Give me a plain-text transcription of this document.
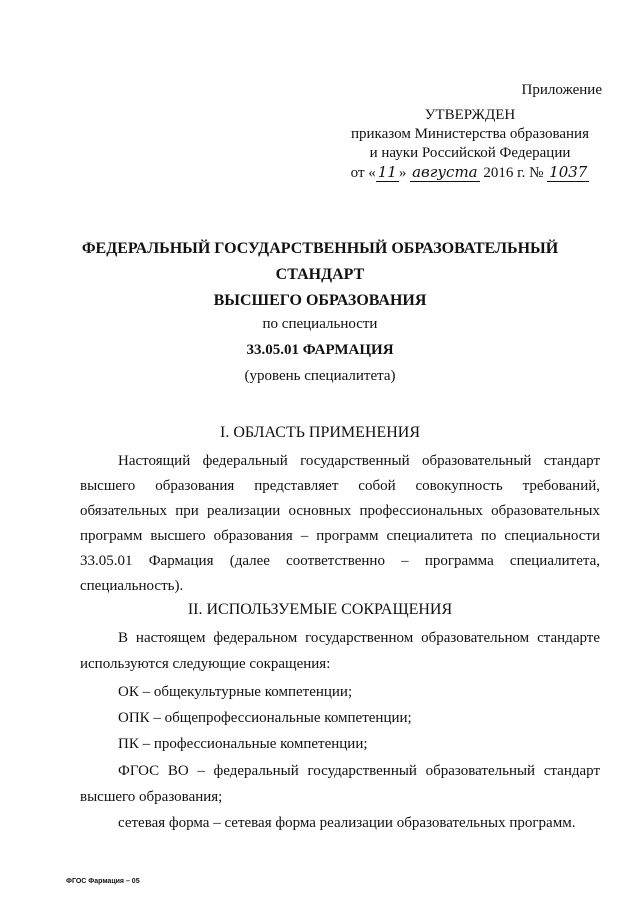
Приложение
УТВЕРЖДЕН
приказом Министерства образования
и науки Российской Федерации
от « 11 » августа 2016 г. № 1037
ФЕДЕРАЛЬНЫЙ ГОСУДАРСТВЕННЫЙ ОБРАЗОВАТЕЛЬНЫЙ СТАНДАРТ
ВЫСШЕГО ОБРАЗОВАНИЯ
по специальности
33.05.01 ФАРМАЦИЯ
(уровень специалитета)
I. ОБЛАСТЬ ПРИМЕНЕНИЯ
Настоящий федеральный государственный образовательный стандарт высшего образования представляет собой совокупность требований, обязательных при реализации основных профессиональных образовательных программ высшего образования – программ специалитета по специальности 33.05.01 Фармация (далее соответственно – программа специалитета, специальность).
II. ИСПОЛЬЗУЕМЫЕ СОКРАЩЕНИЯ
В настоящем федеральном государственном образовательном стандарте
используются следующие сокращения:
ОК – общекультурные компетенции;
ОПК – общепрофессиональные компетенции;
ПК – профессиональные компетенции;
ФГОС ВО – федеральный государственный образовательный стандарт
высшего образования;
сетевая форма – сетевая форма реализации образовательных программ.
ФГОС Фармация – 05
